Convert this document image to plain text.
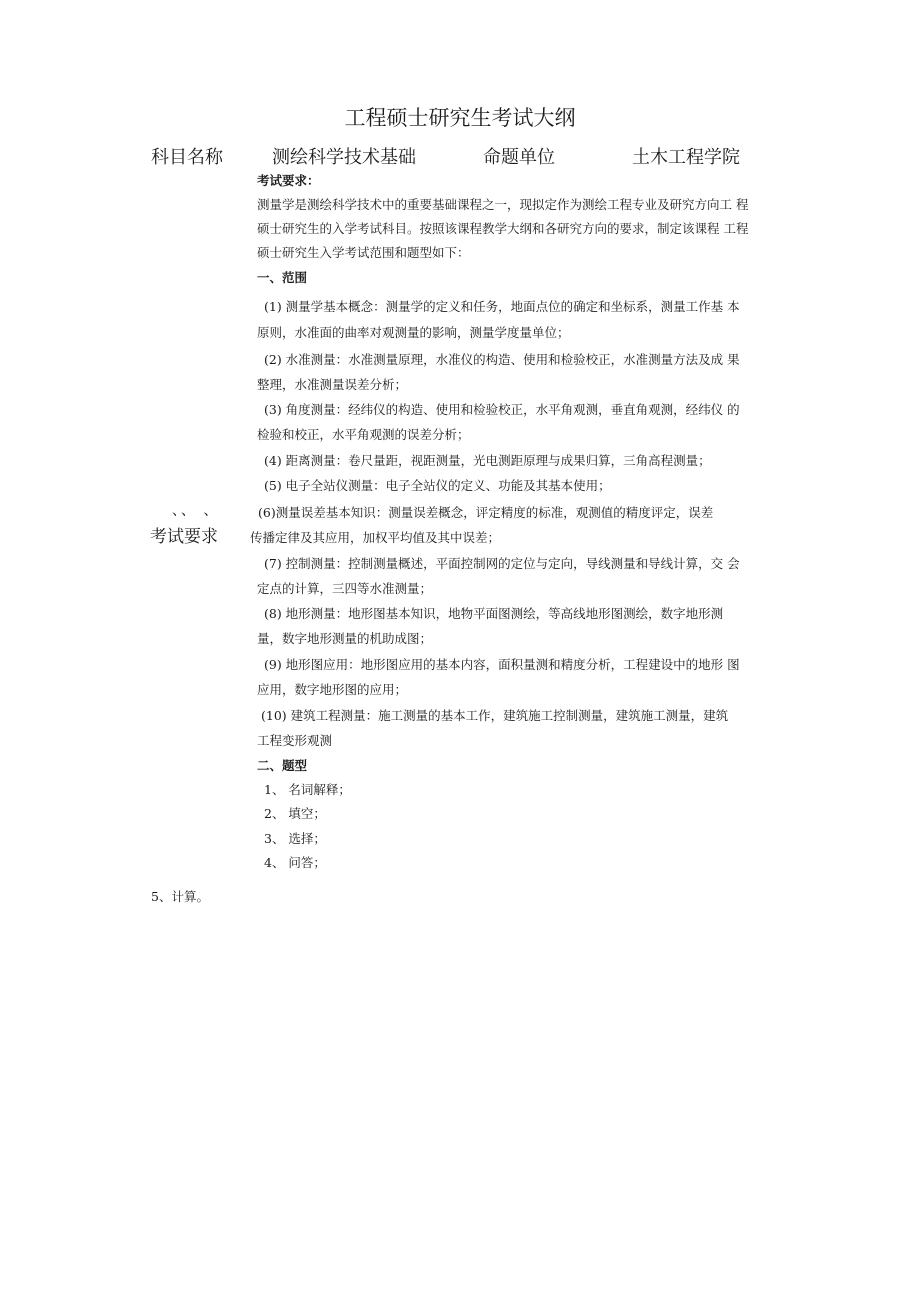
工程硕士研究生考试大纲
科目名称	测绘科学技术基础	命题单位	土木工程学院
考试要求：
测量学是测绘科学技术中的重要基础课程之一，现拟定作为测绘工程专业及研究方向工 程
硕士研究生的入学考试科目。按照该课程教学大纲和各研究方向的要求，制定该课程 工程
硕士研究生入学考试范围和题型如下：
一、范围
(1) 测量学基本概念：测量学的定义和任务，地面点位的确定和坐标系，测量工作基 本
原则，水准面的曲率对观测量的影响，测量学度量单位；
(2) 水准测量：水准测量原理，水准仪的构造、使用和检验校正，水准测量方法及成 果
整理，水准测量误差分析；
(3) 角度测量：经纬仪的构造、使用和检验校正，水平角观测，垂直角观测，经纬仪 的
检验和校正，水平角观测的误差分析；
(4) 距离测量：卷尺量距，视距测量，光电测距原理与成果归算，三角高程测量；
(5) 电子全站仪测量：电子全站仪的定义、功能及其基本使用；
、、 、
考试要求
(6)测量误差基本知识：测量误差概念，评定精度的标准，观测值的精度评定，误差
传播定律及其应用，加权平均值及其中误差；
(7) 控制测量：控制测量概述，平面控制网的定位与定向，导线测量和导线计算，交 会
定点的计算，三四等水准测量；
(8) 地形测量：地形图基本知识，地物平面图测绘，等高线地形图测绘，数字地形测
量，数字地形测量的机助成图；
(9) 地形图应用：地形图应用的基本内容，面积量测和精度分析，工程建设中的地形 图
应用，数字地形图的应用；
(10) 建筑工程测量：施工测量的基本工作，建筑施工控制测量，建筑施工测量，建筑
工程变形观测
二、题型
1、 名词解释；
2、 填空；
3、 选择；
4、 问答；
5、计算。
